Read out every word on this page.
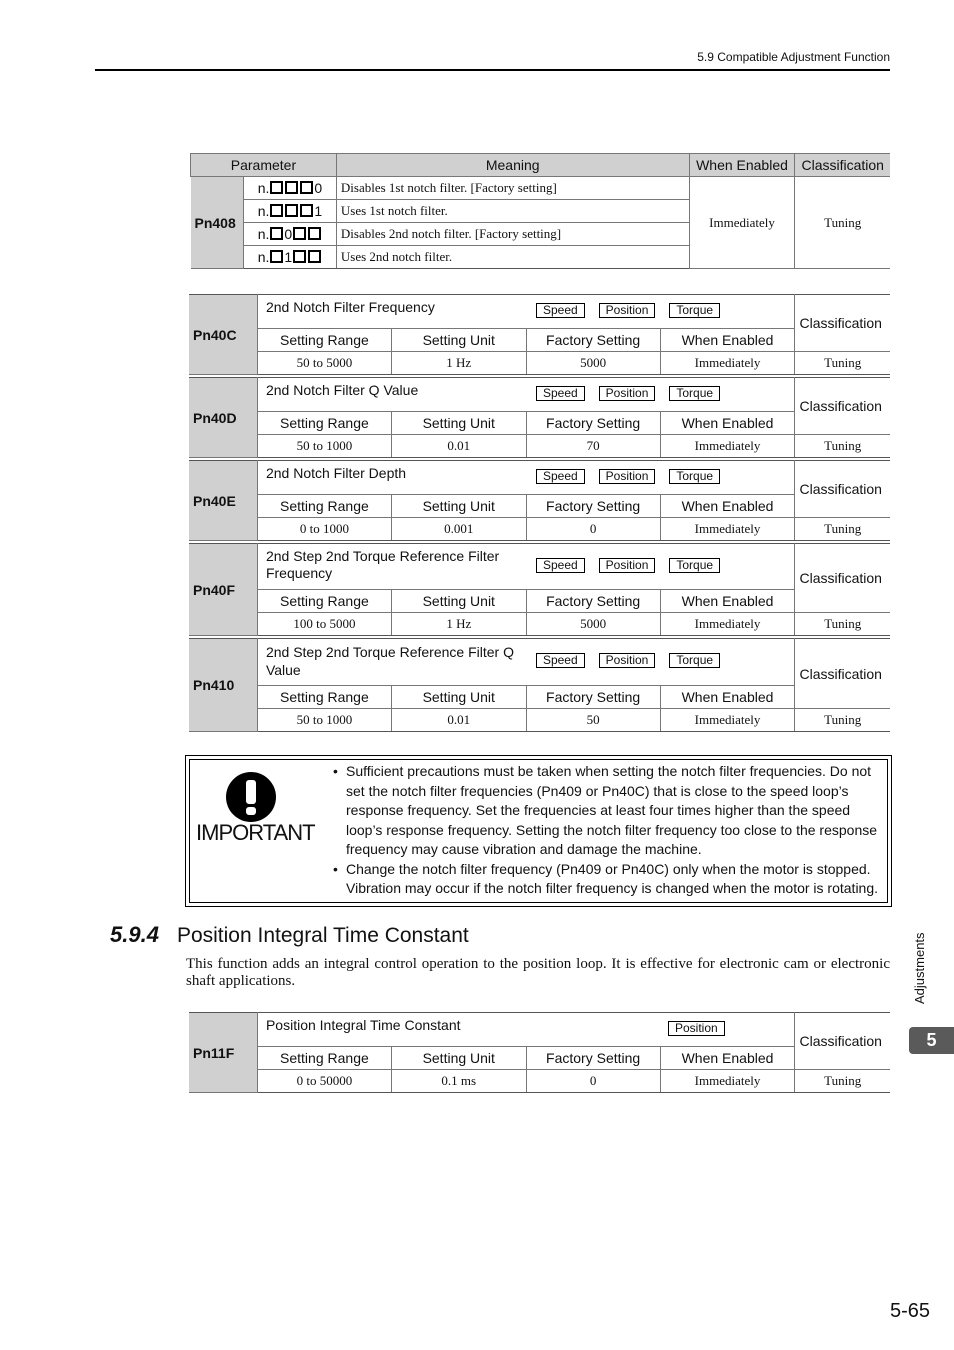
5.9 Compatible Adjustment Function
Parameter		Meaning	When Enabled	Classification
Pn408	n. 0	Disables 1st notch filter. [Factory setting]	Immediately	Tuning
	n. 1	Uses 1st notch filter.		
	n. 0	Disables 2nd notch filter. [Factory setting]		
	n. 1	Uses 2nd notch filter.		
Pn40C	2nd Notch Filter Frequency Speed Position Torque				Classification
	Setting Range	Setting Unit	Factory Setting	When Enabled	
	50 to 5000	1 Hz	5000	Immediately	Tuning
Pn40D	2nd Notch Filter Q Value Speed Position Torque				Classification
	Setting Range	Setting Unit	Factory Setting	When Enabled	
	50 to 1000	0.01	70	Immediately	Tuning
Pn40E	2nd Notch Filter Depth Speed Position Torque				Classification
	Setting Range	Setting Unit	Factory Setting	When Enabled	
	0 to 1000	0.001	0	Immediately	Tuning
Pn40F	2nd Step 2nd Torque Reference Filter Frequency Speed Position Torque				Classification
	Setting Range	Setting Unit	Factory Setting	When Enabled	
	100 to 5000	1 Hz	5000	Immediately	Tuning
Pn410	2nd Step 2nd Torque Reference Filter Q Value
Speed Position Torque				Classification
	Setting Range	Setting Unit	Factory Setting	When Enabled	
	50 to 1000	0.01	50	Immediately	Tuning
IMPORTANT
• Sufficient precautions must be taken when setting the notch filter frequencies. Do not set the notch filter frequencies (Pn409 or Pn40C) that is close to the speed loop’s response frequency. Set the frequencies at least four times higher than the speed loop’s response frequency. Setting the notch filter frequency too close to the response frequency may cause vibration and damage the machine.
• Change the notch filter frequency (Pn409 or Pn40C) only when the motor is stopped. Vibration may occur if the notch filter frequency is changed when the motor is rotating.
5.9.4 Position Integral Time Constant
This function adds an integral control operation to the position loop. It is effective for electronic cam or electronic shaft applications.
Pn11F	Position Integral Time Constant Position				Classification
	Setting Range	Setting Unit	Factory Setting	When Enabled	
	0 to 50000	0.1 ms	0	Immediately	Tuning
Adjustments
5
5-65
